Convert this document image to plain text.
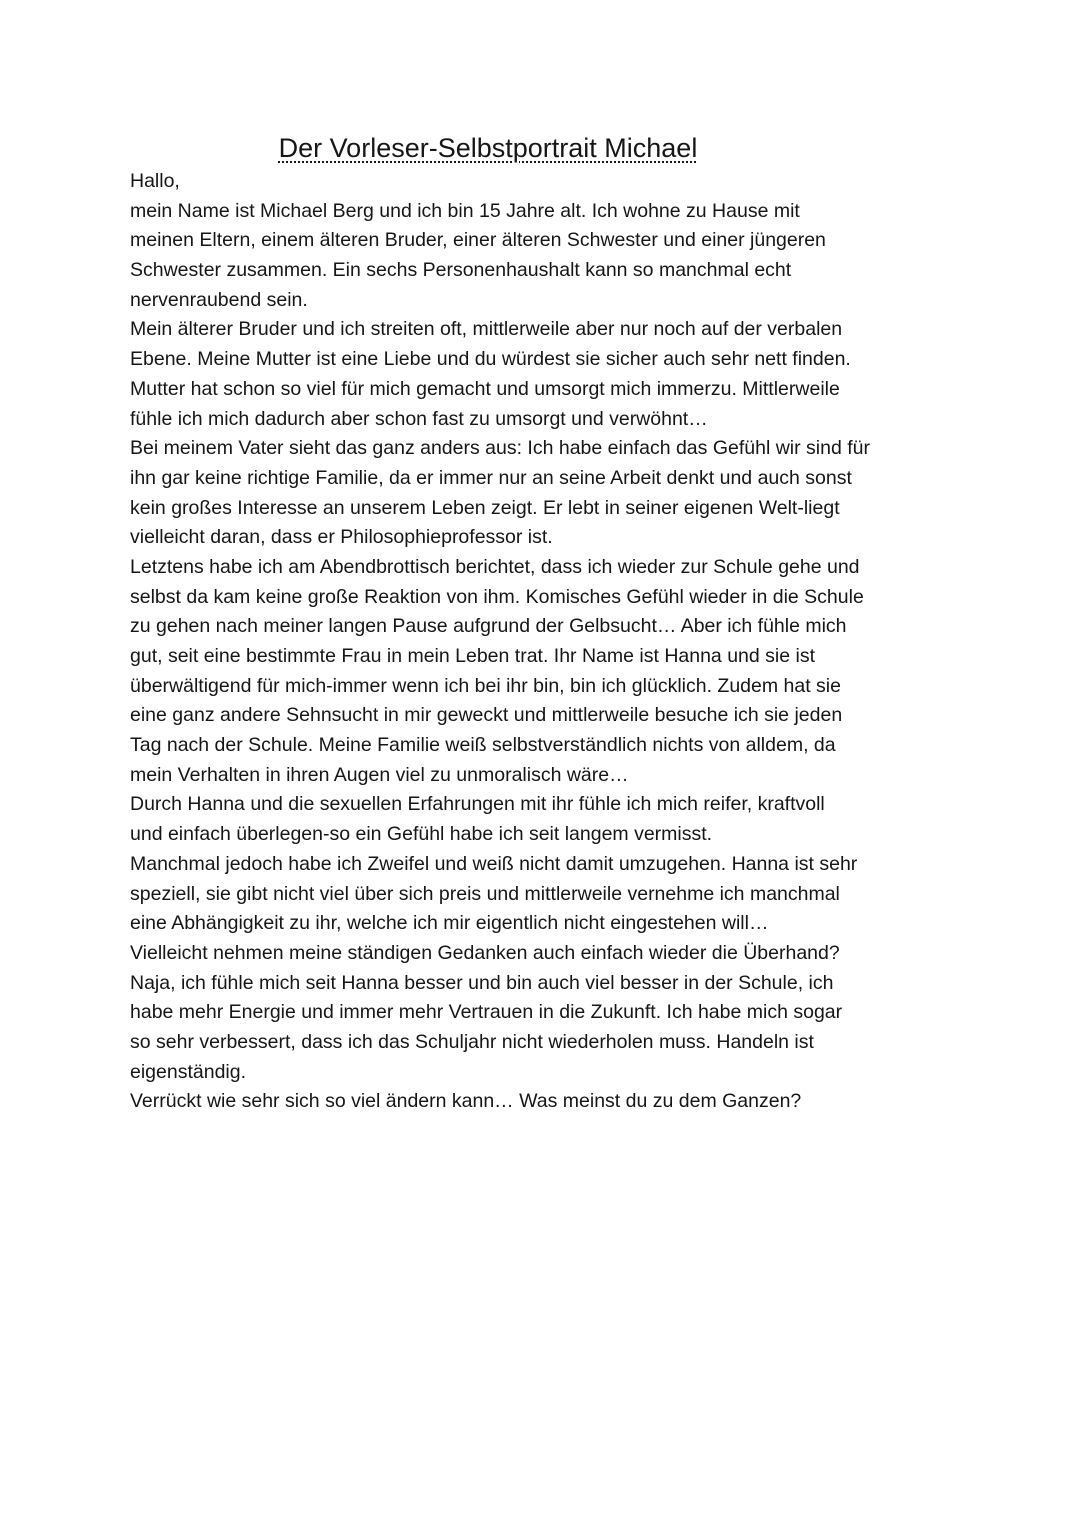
Der Vorleser-Selbstportrait Michael

Hallo,

mein Name ist Michael Berg und ich bin 15 Jahre alt. Ich wohne zu Hause mit

meinen Eltern, einem älteren Bruder, einer älteren Schwester und einer jüngeren

Schwester zusammen. Ein sechs Personenhaushalt kann so manchmal echt

nervenraubend sein.

Mein älterer Bruder und ich streiten oft, mittlerweile aber nur noch auf der verbalen

Ebene. Meine Mutter ist eine Liebe und du würdest sie sicher auch sehr nett finden.

Mutter hat schon so viel für mich gemacht und umsorgt mich immerzu. Mittlerweile

fühle ich mich dadurch aber schon fast zu umsorgt und verwöhnt…

Bei meinem Vater sieht das ganz anders aus: Ich habe einfach das Gefühl wir sind für

ihn gar keine richtige Familie, da er immer nur an seine Arbeit denkt und auch sonst

kein großes Interesse an unserem Leben zeigt. Er lebt in seiner eigenen Welt-liegt

vielleicht daran, dass er Philosophieprofessor ist.

Letztens habe ich am Abendbrottisch berichtet, dass ich wieder zur Schule gehe und

selbst da kam keine große Reaktion von ihm. Komisches Gefühl wieder in die Schule

zu gehen nach meiner langen Pause aufgrund der Gelbsucht… Aber ich fühle mich

gut, seit eine bestimmte Frau in mein Leben trat. Ihr Name ist Hanna und sie ist

überwältigend für mich-immer wenn ich bei ihr bin, bin ich glücklich. Zudem hat sie

eine ganz andere Sehnsucht in mir geweckt und mittlerweile besuche ich sie jeden

Tag nach der Schule. Meine Familie weiß selbstverständlich nichts von alldem, da

mein Verhalten in ihren Augen viel zu unmoralisch wäre…

Durch Hanna und die sexuellen Erfahrungen mit ihr fühle ich mich reifer, kraftvoll

und einfach überlegen-so ein Gefühl habe ich seit langem vermisst.

Manchmal jedoch habe ich Zweifel und weiß nicht damit umzugehen. Hanna ist sehr

speziell, sie gibt nicht viel über sich preis und mittlerweile vernehme ich manchmal

eine Abhängigkeit zu ihr, welche ich mir eigentlich nicht eingestehen will…

Vielleicht nehmen meine ständigen Gedanken auch einfach wieder die Überhand?

Naja, ich fühle mich seit Hanna besser und bin auch viel besser in der Schule, ich

habe mehr Energie und immer mehr Vertrauen in die Zukunft. Ich habe mich sogar

so sehr verbessert, dass ich das Schuljahr nicht wiederholen muss. Handeln ist

eigenständig.

Verrückt wie sehr sich so viel ändern kann… Was meinst du zu dem Ganzen?
